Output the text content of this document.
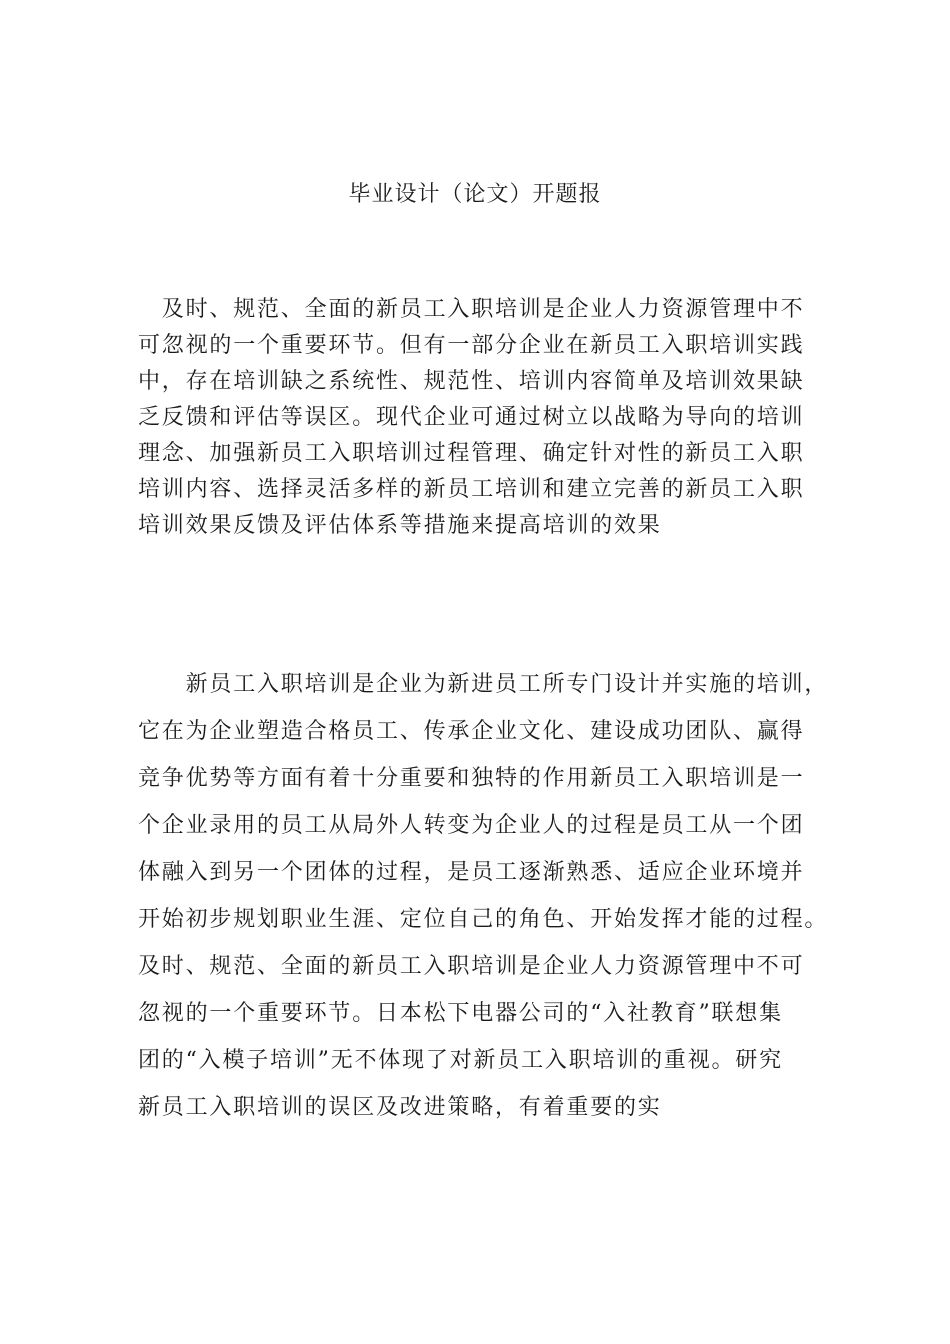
毕业设计（论文）开题报
　及时、规范、全面的新员工入职培训是企业人力资源管理中不
可忽视的一个重要环节。但有一部分企业在新员工入职培训实践
中，存在培训缺之系统性、规范性、培训内容简单及培训效果缺
乏反馈和评估等误区。现代企业可通过树立以战略为导向的培训
理念、加强新员工入职培训过程管理、确定针对性的新员工入职
培训内容、选择灵活多样的新员工培训和建立完善的新员工入职
培训效果反馈及评估体系等措施来提高培训的效果
　　新员工入职培训是企业为新进员工所专门设计并实施的培训，
它在为企业塑造合格员工、传承企业文化、建设成功团队、赢得
竞争优势等方面有着十分重要和独特的作用新员工入职培训是一
个企业录用的员工从局外人转变为企业人的过程是员工从一个团
体融入到另一个团体的过程，是员工逐渐熟悉、适应企业环境并
开始初步规划职业生涯、定位自己的角色、开始发挥才能的过程。
及时、规范、全面的新员工入职培训是企业人力资源管理中不可
忽视的一个重要环节。日本松下电器公司的“入社教育”联想集
团的“入模子培训”无不体现了对新员工入职培训的重视。研究
新员工入职培训的误区及改进策略，有着重要的实
